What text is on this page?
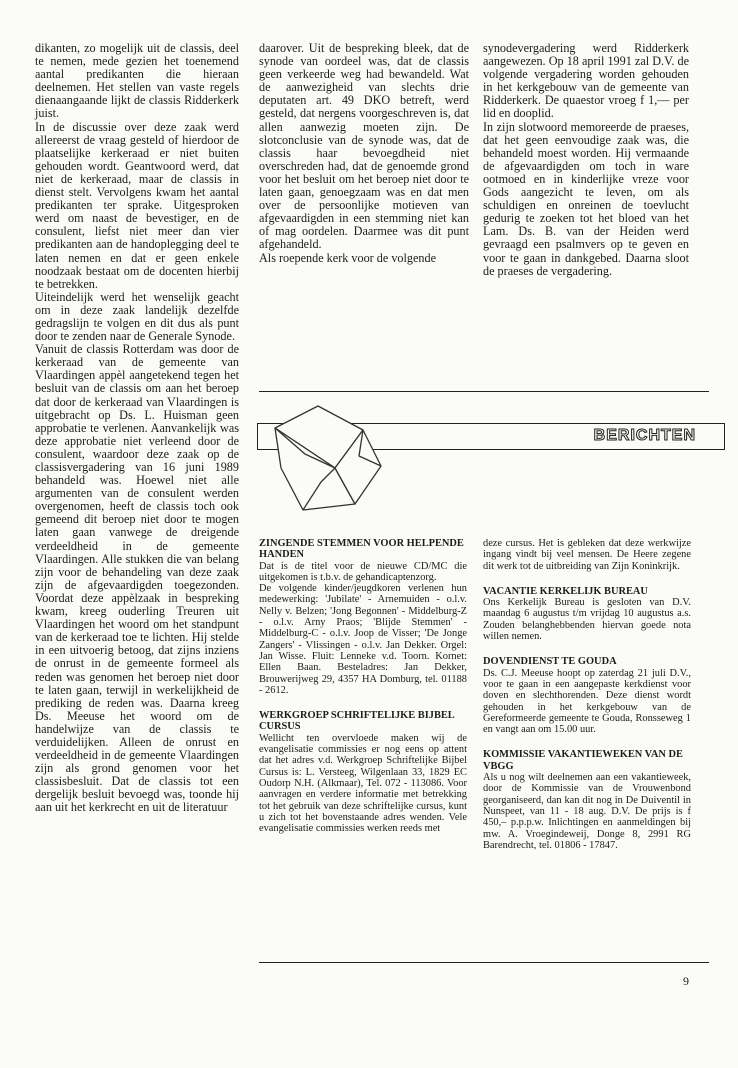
dikanten, zo mogelijk uit de classis, deel te nemen, mede gezien het toenemend aantal predikanten die hieraan deelnemen. Het stellen van vaste regels dienaangaande lijkt de classis Ridderkerk juist.

In de discussie over deze zaak werd allereerst de vraag gesteld of hierdoor de plaatselijke kerkeraad er niet buiten gehouden wordt. Geantwoord werd, dat niet de kerkeraad, maar de classis in dienst stelt. Vervolgens kwam het aantal predikanten ter sprake. Uitgesproken werd om naast de bevestiger, en de consulent, liefst niet meer dan vier predikanten aan de handoplegging deel te laten nemen en dat er geen enkele noodzaak bestaat om de docenten hierbij te betrekken.

Uiteindelijk werd het wenselijk geacht om in deze zaak landelijk dezelfde gedragslijn te volgen en dit dus als punt door te zenden naar de Generale Synode.

Vanuit de classis Rotterdam was door de kerkeraad van de gemeente van Vlaardingen appèl aangetekend tegen het besluit van de classis om aan het beroep dat door de kerkeraad van Vlaardingen is uitgebracht op Ds. L. Huisman geen approbatie te verlenen. Aanvankelijk was deze approbatie niet verleend door de consulent, waardoor deze zaak op de classisvergadering van 16 juni 1989 behandeld was. Hoewel niet alle argumenten van de consulent werden overgenomen, heeft de classis toch ook gemeend dit beroep niet door te mogen laten gaan vanwege de dreigende verdeeldheid in de gemeente Vlaardingen. Alle stukken die van belang zijn voor de behandeling van deze zaak zijn de afgevaardigden toegezonden. Voordat deze appèlzaak in bespreking kwam, kreeg ouderling Treuren uit Vlaardingen het woord om het standpunt van de kerkeraad toe te lichten. Hij stelde in een uitvoerig betoog, dat zijns inziens de onrust in de gemeente formeel als reden was genomen het beroep niet door te laten gaan, terwijl in werkelijkheid de prediking de reden was. Daarna kreeg Ds. Meeuse het woord om de handelwijze van de classis te verduidelijken. Alleen de onrust en verdeeldheid in de gemeente Vlaardingen zijn als grond genomen voor het classisbesluit. Dat de classis tot een dergelijk besluit bevoegd was, toonde hij aan uit het kerkrecht en uit de literatuur

daarover. Uit de bespreking bleek, dat de synode van oordeel was, dat de classis geen verkeerde weg had bewandeld. Wat de aanwezigheid van slechts drie deputaten art. 49 DKO betreft, werd gesteld, dat nergens voorgeschreven is, dat allen aanwezig moeten zijn. De slotconclusie van de synode was, dat de classis haar bevoegdheid niet overschreden had, dat de genoemde grond voor het besluit om het beroep niet door te laten gaan, genoegzaam was en dat men over de persoonlijke motieven van afgevaardigden in een stemming niet kan of mag oordelen. Daarmee was dit punt afgehandeld.

Als roepende kerk voor de volgende

synodevergadering werd Ridderkerk aangewezen. Op 18 april 1991 zal D.V. de volgende vergadering worden gehouden in het kerkgebouw van de gemeente van Ridderkerk. De quaestor vroeg f 1,— per lid en dooplid.

In zijn slotwoord memoreerde de praeses, dat het geen eenvoudige zaak was, die behandeld moest worden. Hij vermaande de afgevaardigden om toch in ware ootmoed en in kinderlijke vreze voor Gods aangezicht te leven, om als schuldigen en onreinen de toevlucht gedurig te zoeken tot het bloed van het Lam. Ds. B. van der Heiden werd gevraagd een psalmvers op te geven en voor te gaan in dankgebed. Daarna sloot de praeses de vergadering.

BERICHTEN
ZINGENDE STEMMEN VOOR HELPENDE HANDEN

Dat is de titel voor de nieuwe CD/MC die uitgekomen is t.b.v. de gehandicaptenzorg.

De volgende kinder/jeugdkoren verlenen hun medewerking: 'Jubilate' - Arnemuiden - o.l.v. Nelly v. Belzen; 'Jong Begonnen' - Middelburg-Z - o.l.v. Arny Praos; 'Blijde Stemmen' - Middelburg-C - o.l.v. Joop de Visser; 'De Jonge Zangers' - Vlissingen - o.l.v. Jan Dekker. Orgel: Jan Wisse. Fluit: Lenneke v.d. Toorn. Kornet: Ellen Baan. Besteladres: Jan Dekker, Brouwerijweg 29, 4357 HA Domburg, tel. 01188 - 2612.

WERKGROEP SCHRIFTELIJKE BIJBEL CURSUS

Wellicht ten overvloede maken wij de evangelisatie commissies er nog eens op attent dat het adres v.d. Werkgroep Schriftelijke Bijbel Cursus is: L. Versteeg, Wilgenlaan 33, 1829 EC Oudorp N.H. (Alkmaar), Tel. 072 - 113086. Voor aanvragen en verdere informatie met betrekking tot het gebruik van deze schriftelijke cursus, kunt u zich tot het bovenstaande adres wenden. Vele evangelisatie commissies werken reeds met

deze cursus. Het is gebleken dat deze werkwijze ingang vindt bij veel mensen. De Heere zegene dit werk tot de uitbreiding van Zijn Koninkrijk.

VACANTIE KERKELIJK BUREAU

Ons Kerkelijk Bureau is gesloten van D.V. maandag 6 augustus t/m vrijdag 10 augustus a.s. Zouden belanghebbenden hiervan goede nota willen nemen.

DOVENDIENST TE GOUDA

Ds. C.J. Meeuse hoopt op zaterdag 21 juli D.V., voor te gaan in een aangepaste kerkdienst voor doven en slechthorenden. Deze dienst wordt gehouden in het kerkgebouw van de Gereformeerde gemeente te Gouda, Ronsseweg 1 en vangt aan om 15.00 uur.

KOMMISSIE VAKANTIEWEKEN VAN DE VBGG

Als u nog wilt deelnemen aan een vakantieweek, door de Kommissie van de Vrouwenbond georganiseerd, dan kan dit nog in De Duiventil in Nunspeet, van 11 - 18 aug. D.V. De prijs is f 450,– p.p.p.w. Inlichtingen en aanmeldingen bij mw. A. Vroegindeweij, Donge 8, 2991 RG Barendrecht, tel. 01806 - 17847.

9
